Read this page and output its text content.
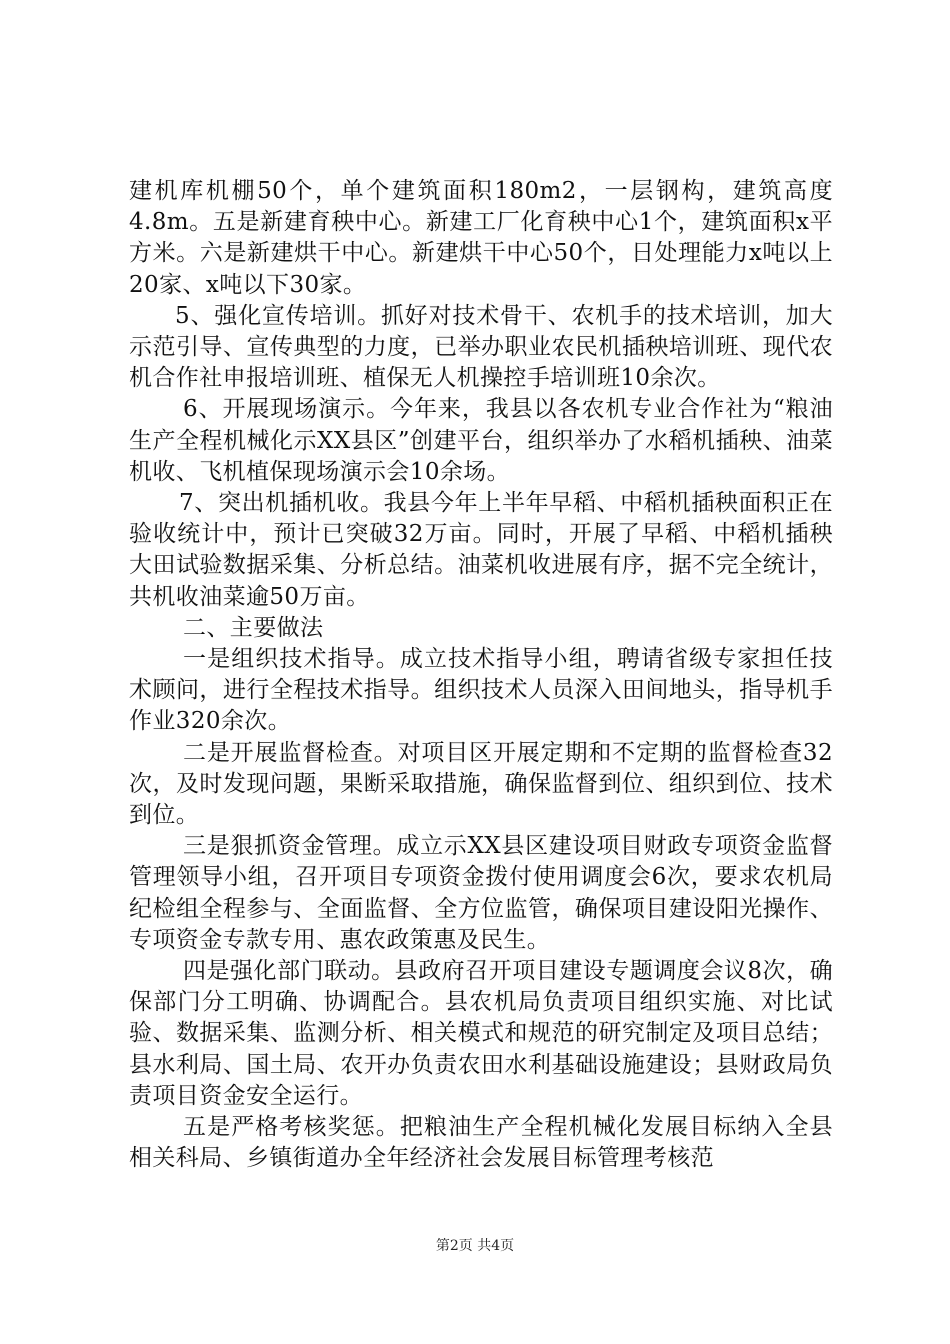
建机库机棚50个，单个建筑面积180m2，一层钢构，建筑高度4.8m。五是新建育秧中心。新建工厂化育秧中心1个，建筑面积x平方米。六是新建烘干中心。新建烘干中心50个，日处理能力x吨以上20家、x吨以下30家。

5、强化宣传培训。抓好对技术骨干、农机手的技术培训，加大示范引导、宣传典型的力度，已举办职业农民机插秧培训班、现代农机合作社申报培训班、植保无人机操控手培训班10余次。

6、开展现场演示。今年来，我县以各农机专业合作社为“粮油生产全程机械化示XX县区”创建平台，组织举办了水稻机插秧、油菜机收、飞机植保现场演示会10余场。

7、突出机插机收。我县今年上半年早稻、中稻机插秧面积正在验收统计中，预计已突破32万亩。同时，开展了早稻、中稻机插秧大田试验数据采集、分析总结。油菜机收进展有序，据不完全统计，共机收油菜逾50万亩。

二、主要做法

一是组织技术指导。成立技术指导小组，聘请省级专家担任技术顾问，进行全程技术指导。组织技术人员深入田间地头，指导机手作业320余次。

二是开展监督检查。对项目区开展定期和不定期的监督检查32次，及时发现问题，果断采取措施，确保监督到位、组织到位、技术到位。

三是狠抓资金管理。成立示XX县区建设项目财政专项资金监督管理领导小组，召开项目专项资金拨付使用调度会6次，要求农机局纪检组全程参与、全面监督、全方位监管，确保项目建设阳光操作、专项资金专款专用、惠农政策惠及民生。

四是强化部门联动。县政府召开项目建设专题调度会议8次，确保部门分工明确、协调配合。县农机局负责项目组织实施、对比试验、数据采集、监测分析、相关模式和规范的研究制定及项目总结；县水利局、国土局、农开办负责农田水利基础设施建设；县财政局负责项目资金安全运行。

五是严格考核奖惩。把粮油生产全程机械化发展目标纳入全县相关科局、乡镇街道办全年经济社会发展目标管理考核范

第2页 共4页
